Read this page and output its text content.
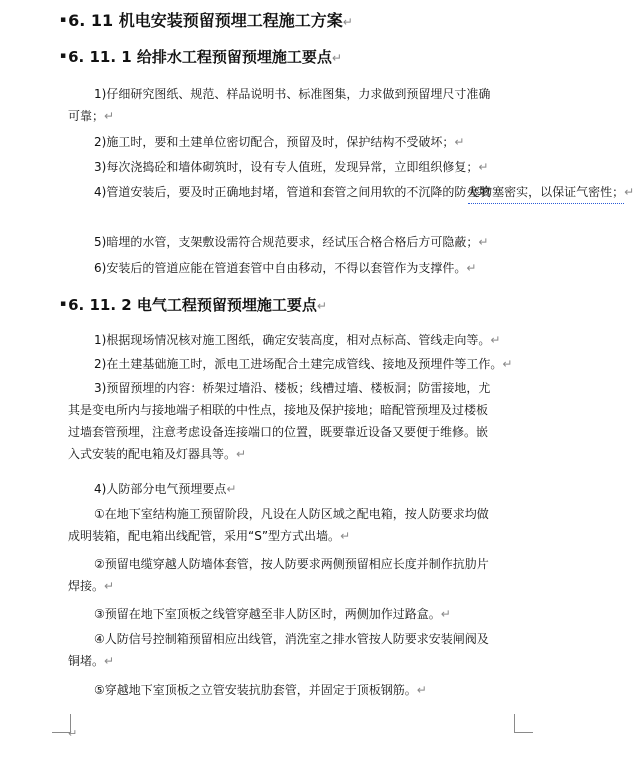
▪ 6. 11 机电安装预留预埋工程施工方案↵
▪ 6. 11. 1 给排水工程预留预埋施工要点↵
1)仔细研究图纸、规范、样品说明书、标准图集，力求做到预留埋尺寸准确
可靠；↵
2)施工时，要和土建单位密切配合，预留及时，保护结构不受破坏；↵
3)每次浇捣砼和墙体砌筑时，设有专人值班，发现异常，立即组织修复；↵
4)管道安装后，要及时正确地封堵，管道和套管之间用软的不沉降的防火填 塞物塞密实，以保证气密性；↵
5)暗埋的水管，支架敷设需符合规范要求，经试压合格合格后方可隐蔽；↵
6)安装后的管道应能在管道套管中自由移动，不得以套管作为支撑件。↵
▪ 6. 11. 2 电气工程预留预埋施工要点↵
1)根据现场情况核对施工图纸，确定安装高度，相对点标高、管线走向等。↵
2)在土建基础施工时，派电工进场配合土建完成管线、接地及预埋件等工作。↵
3)预留预埋的内容：桥架过墙沿、楼板；线槽过墙、楼板洞；防雷接地，尤
其是变电所内与接地端子相联的中性点，接地及保护接地；暗配管预埋及过楼板
过墙套管预埋，注意考虑设备连接端口的位置，既要靠近设备又要便于维修。嵌
入式安装的配电箱及灯器具等。↵
4)人防部分电气预埋要点↵
①在地下室结构施工预留阶段，凡设在人防区域之配电箱，按人防要求均做
成明装箱，配电箱出线配管，采用“S”型方式出墙。↵
②预留电缆穿越人防墙体套管，按人防要求两侧预留相应长度并制作抗肋片
焊接。↵
③预留在地下室顶板之线管穿越至非人防区时，两侧加作过路盒。↵
④人防信号控制箱预留相应出线管，消洗室之排水管按人防要求安装闸阀及
铜堵。↵
⑤穿越地下室顶板之立管安装抗肋套管，并固定于顶板钢筋。↵
↵
